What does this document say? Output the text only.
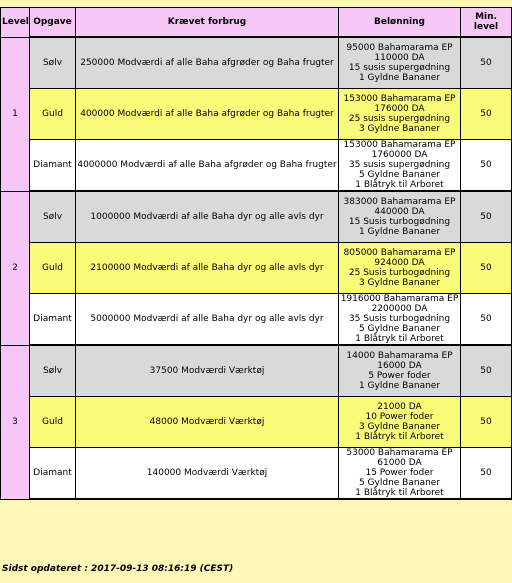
Level	Opgave	Krævet forbrug	Belønning	Min. level
1	Sølv	250000 Modværdi af alle Baha afgrøder og Baha frugter	95000 Bahamarama EP
110000 DA
15 susis supergødning
1 Gyldne Bananer	50
	Guld	400000 Modværdi af alle Baha afgrøder og Baha frugter	153000 Bahamarama EP
176000 DA
25 susis supergødning
3 Gyldne Bananer	50
	Diamant	4000000 Modværdi af alle Baha afgrøder og Baha frugter	153000 Bahamarama EP
1760000 DA
35 susis supergødning
5 Gyldne Bananer
1 Blåtryk til Arboret	50
2	Sølv	1000000 Modværdi af alle Baha dyr og alle avls dyr	383000 Bahamarama EP
440000 DA
15 Susis turbogødning
1 Gyldne Bananer	50
	Guld	2100000 Modværdi af alle Baha dyr og alle avls dyr	805000 Bahamarama EP
924000 DA
25 Susis turbogødning
3 Gyldne Bananer	50
	Diamant	5000000 Modværdi af alle Baha dyr og alle avls dyr	1916000 Bahamarama EP
2200000 DA
35 Susis turbogødning
5 Gyldne Bananer
1 Blåtryk til Arboret	50
3	Sølv	37500 Modværdi Værktøj	14000 Bahamarama EP
16000 DA
5 Power foder
1 Gyldne Bananer	50
	Guld	48000 Modværdi Værktøj	21000 DA
10 Power foder
3 Gyldne Bananer
1 Blåtryk til Arboret	50
	Diamant	140000 Modværdi Værktøj	53000 Bahamarama EP
61000 DA
15 Power foder
5 Gyldne Bananer
1 Blåtryk til Arboret	50
Sidst opdateret : 2017-09-13 08:16:19 (CEST)
